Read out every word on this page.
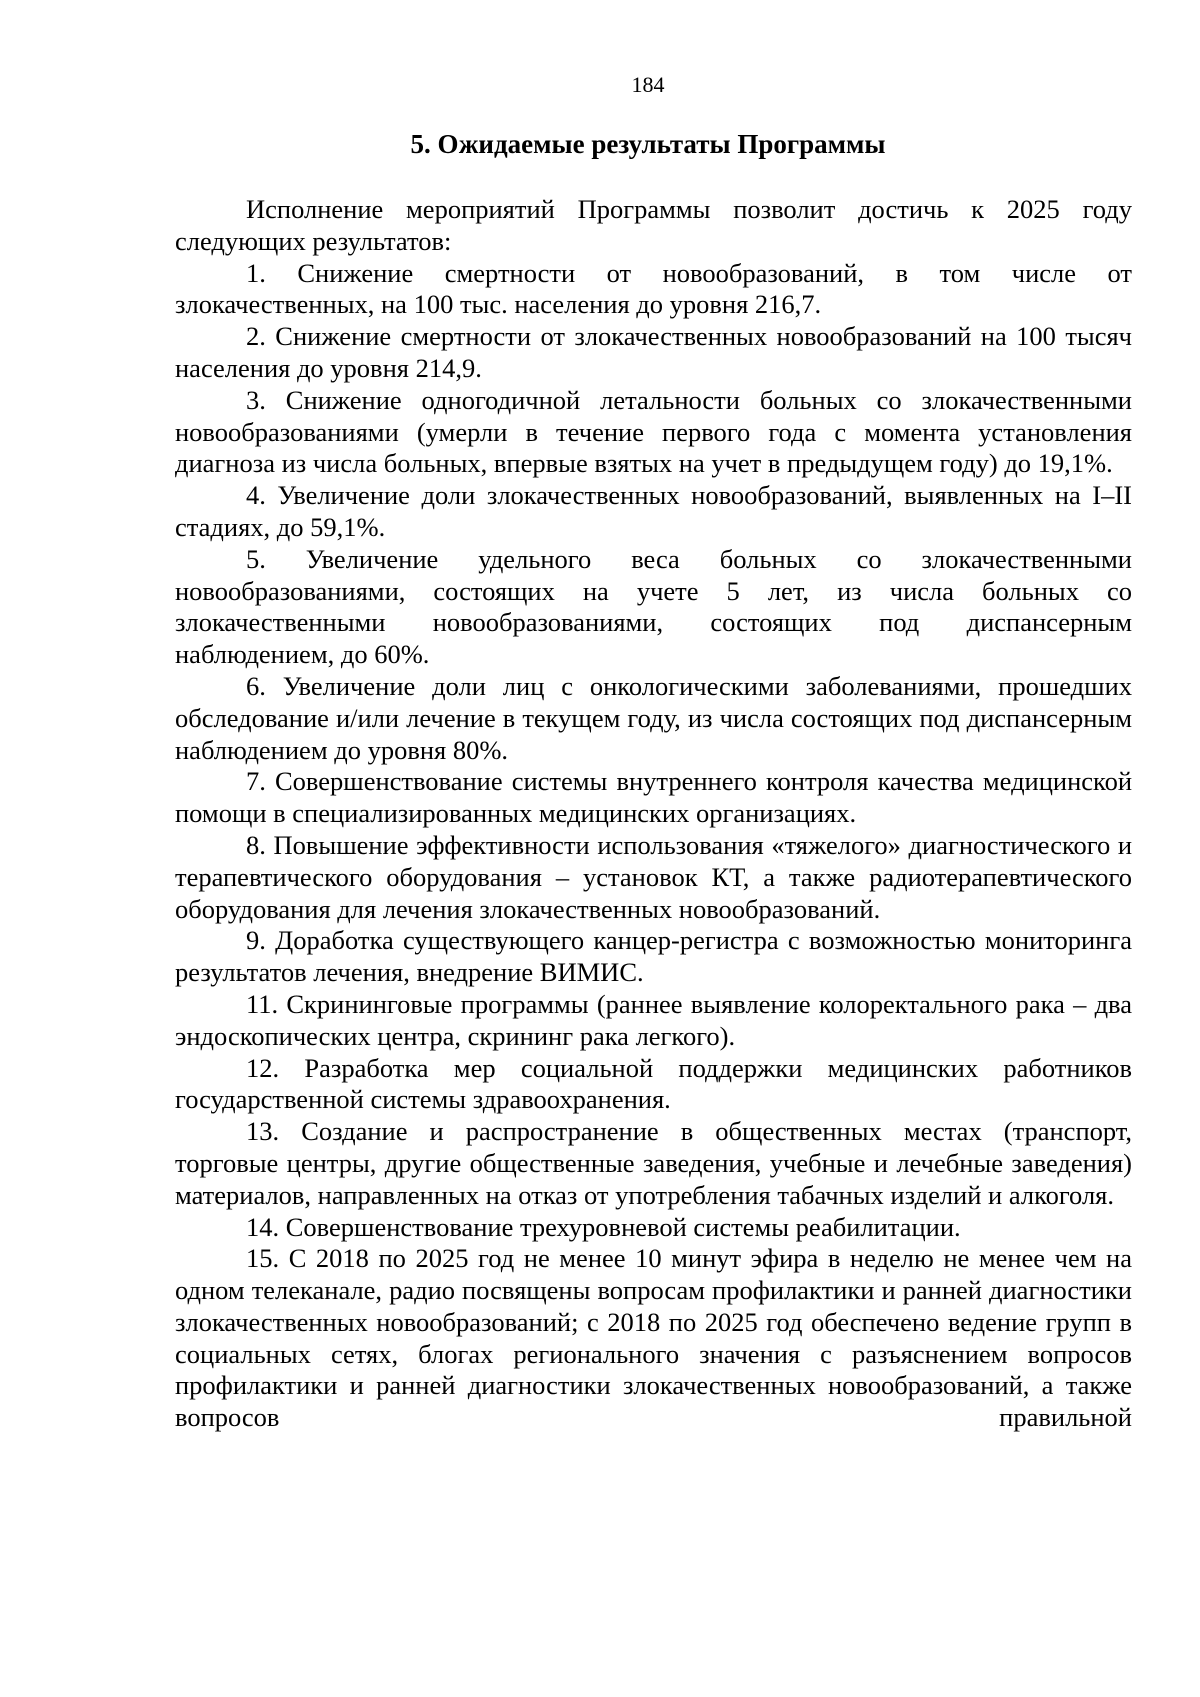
184
5. Ожидаемые результаты Программы

Исполнение мероприятий Программы позволит достичь к 2025 году следующих результатов:

1. Снижение смертности от новообразований, в том числе от злокачественных, на 100 тыс. населения до уровня 216,7.

2. Снижение смертности от злокачественных новообразований на 100 тысяч населения до уровня 214,9.

3. Снижение одногодичной летальности больных со злокачественными новообразованиями (умерли в течение первого года с момента установления диагноза из числа больных, впервые взятых на учет в предыдущем году) до 19,1%.

4. Увеличение доли злокачественных новообразований, выявленных на I–II стадиях, до 59,1%.

5. Увеличение удельного веса больных со злокачественными новообразованиями, состоящих на учете 5 лет, из числа больных со злокачественными новообразованиями, состоящих под диспансерным наблюдением, до 60%.

6. Увеличение доли лиц с онкологическими заболеваниями, прошедших обследование и/или лечение в текущем году, из числа состоящих под диспансерным наблюдением до уровня 80%.

7. Совершенствование системы внутреннего контроля качества медицинской помощи в специализированных медицинских организациях.

8. Повышение эффективности использования «тяжелого» диагностического и терапевтического оборудования – установок КТ, а также радиотерапевтического оборудования для лечения злокачественных новообразований.

9. Доработка существующего канцер-регистра с возможностью мониторинга результатов лечения, внедрение ВИМИС.

11. Скрининговые программы (раннее выявление колоректального рака – два эндоскопических центра, скрининг рака легкого).

12. Разработка мер социальной поддержки медицинских работников государственной системы здравоохранения.

13. Создание и распространение в общественных местах (транспорт, торговые центры, другие общественные заведения, учебные и лечебные заведения) материалов, направленных на отказ от употребления табачных изделий и алкоголя.

14. Совершенствование трехуровневой системы реабилитации.

15. С 2018 по 2025 год не менее 10 минут эфира в неделю не менее чем на одном телеканале, радио посвящены вопросам профилактики и ранней диагностики злокачественных новообразований; с 2018 по 2025 год обеспечено ведение групп в социальных сетях, блогах регионального значения с разъяснением вопросов профилактики и ранней диагностики злокачественных новообразований, а также вопросов правильной
